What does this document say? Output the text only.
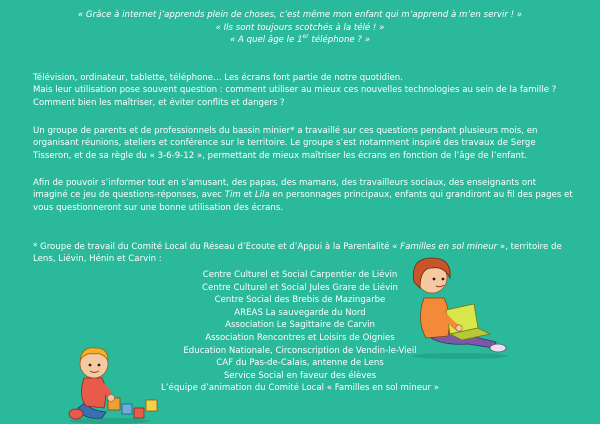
« Grâce à internet j’apprends plein de choses, c’est même mon enfant qui m’apprend à m’en servir ! »
« Ils sont toujours scotchés à la télé ! »
« A quel âge le 1er téléphone ? »
Télévision, ordinateur, tablette, téléphone… Les écrans font partie de notre quotidien.
Mais leur utilisation pose souvent question : comment utiliser au mieux ces nouvelles technologies au sein de la famille ? Comment bien les maîtriser, et éviter conflits et dangers ?
Un groupe de parents et de professionnels du bassin minier* a travaillé sur ces questions pendant plusieurs mois, en organisant réunions, ateliers et conférence sur le territoire. Le groupe s’est notamment inspiré des travaux de Serge Tisseron, et de sa règle du « 3-6-9-12 », permettant de mieux maîtriser les écrans en fonction de l’âge de l’enfant.
Afin de pouvoir s’informer tout en s’amusant, des papas, des mamans, des travailleurs sociaux, des enseignants ont imaginé ce jeu de questions-réponses, avec Tim et Lila en personnages principaux, enfants qui grandiront au fil des pages et vous questionneront sur une bonne utilisation des écrans.
* Groupe de travail du Comité Local du Réseau d’Ecoute et d’Appui à la Parentalité « Familles en sol mineur », territoire de Lens, Liévin, Hénin et Carvin :
Centre Culturel et Social Carpentier de Liévin
Centre Culturel et Social Jules Grare de Liévin
Centre Social des Brebis de Mazingarbe
AREAS La sauvegarde du Nord
Association Le Sagittaire de Carvin
Association Rencontres et Loisirs de Oignies
Education Nationale, Circonscription de Vendin-le-Vieil
CAF du Pas-de-Calais, antenne de Lens
Service Social en faveur des élèves
L’équipe d’animation du Comité Local « Familles en sol mineur »
